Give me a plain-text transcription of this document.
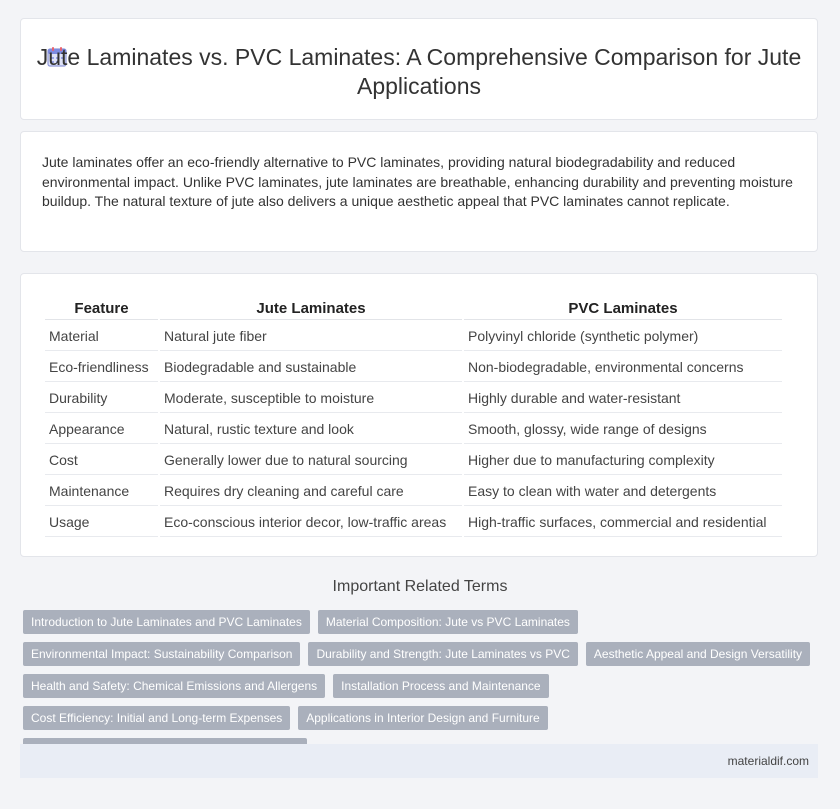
Jute Laminates vs. PVC Laminates: A Comprehensive Comparison for Jute Applications
Jute laminates offer an eco-friendly alternative to PVC laminates, providing natural biodegradability and reduced environmental impact. Unlike PVC laminates, jute laminates are breathable, enhancing durability and preventing moisture buildup. The natural texture of jute also delivers a unique aesthetic appeal that PVC laminates cannot replicate.
Feature	Jute Laminates	PVC Laminates
Material	Natural jute fiber	Polyvinyl chloride (synthetic polymer)
Eco-friendliness	Biodegradable and sustainable	Non-biodegradable, environmental concerns
Durability	Moderate, susceptible to moisture	Highly durable and water-resistant
Appearance	Natural, rustic texture and look	Smooth, glossy, wide range of designs
Cost	Generally lower due to natural sourcing	Higher due to manufacturing complexity
Maintenance	Requires dry cleaning and careful care	Easy to clean with water and detergents
Usage	Eco-conscious interior decor, low-traffic areas	High-traffic surfaces, commercial and residential
Important Related Terms
Introduction to Jute Laminates and PVC Laminates	Material Composition: Jute vs PVC Laminates
Environmental Impact: Sustainability Comparison	Durability and Strength: Jute Laminates vs PVC	Aesthetic Appeal and Design Versatility
Health and Safety: Chemical Emissions and Allergens	Installation Process and Maintenance
Cost Efficiency: Initial and Long-term Expenses	Applications in Interior Design and Furniture
materialdif.com
